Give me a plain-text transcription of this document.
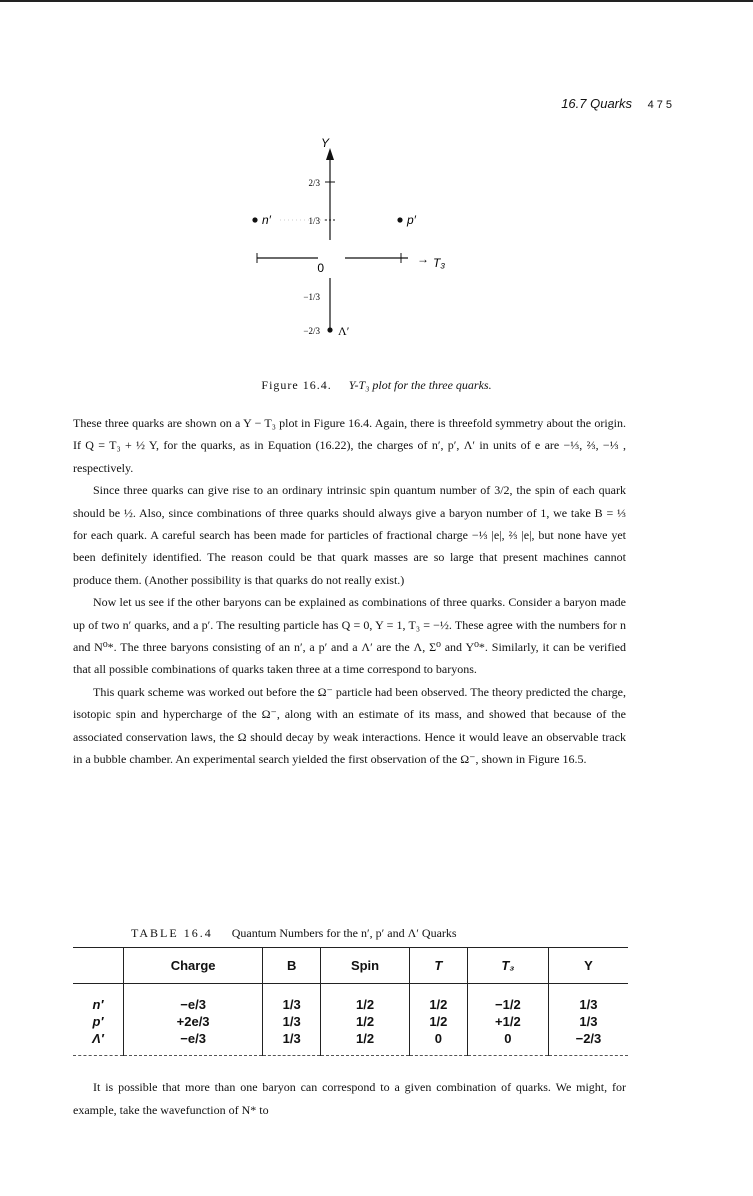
16.7 Quarks 475
Y
0
→ T₃
2/3
1/3
−1/3
−2/3
n′	p′
Λ′
Figure 16.4. Y-T₃ plot for the three quarks.

These three quarks are shown on a Y − T₃ plot in Figure 16.4. Again, there is threefold symmetry about the origin. If Q = T₃ + ½ Y, for the quarks, as in Equation (16.22), the charges of n′, p′, Λ′ in units of e are −⅓, ⅔, −⅓ , respectively.

Since three quarks can give rise to an ordinary intrinsic spin quantum number of 3/2, the spin of each quark should be ½. Also, since combinations of three quarks should always give a baryon number of 1, we take B = ⅓ for each quark. A careful search has been made for particles of fractional charge −⅓ |e|, ⅔ |e|, but none have yet been definitely identified. The reason could be that quark masses are so large that present machines cannot produce them. (Another possibility is that quarks do not really exist.)

Now let us see if the other baryons can be explained as combinations of three quarks. Consider a baryon made up of two n′ quarks, and a p′. The resulting particle has Q = 0, Y = 1, T₃ = −½. These agree with the numbers for n and N⁰*. The three baryons consisting of an n′, a p′ and a Λ′ are the Λ, Σ⁰ and Y⁰*. Similarly, it can be verified that all possible combinations of quarks taken three at a time correspond to baryons.

This quark scheme was worked out before the Ω⁻ particle had been observed. The theory predicted the charge, isotopic spin and hypercharge of the Ω⁻, along with an estimate of its mass, and showed that because of the associated conservation laws, the Ω should decay by weak interactions. Hence it would leave an observable track in a bubble chamber. An experimental search yielded the first observation of the Ω⁻, shown in Figure 16.5.

TABLE 16.4 Quantum Numbers for the n′, p′ and Λ′ Quarks
	Charge	B	Spin	T	T₃	Y
n′	−e/3	1/3	1/2	1/2	−1/2	1/3
p′	+2e/3	1/3	1/2	1/2	+1/2	1/3
Λ′	−e/3	1/3	1/2	0	0	−2/3

It is possible that more than one baryon can correspond to a given combination of quarks. We might, for example, take the wavefunction of N* to
